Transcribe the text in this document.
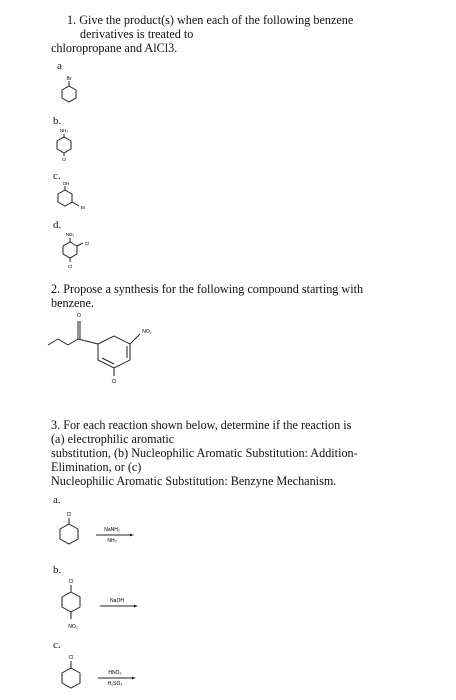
1. Give the product(s) when each of the following benzene
derivatives is treated to
chloropropane and AlCl3.
a
Br
b.
NH₂
Cl
c.
OH
Br
d.
NO₂
Cl
Cl
2. Propose a synthesis for the following compound starting with
benzene.
O
NO₂
Cl
3. For each reaction shown below, determine if the reaction is
(a) electrophilic aromatic
substitution, (b) Nucleophilic Aromatic Substitution: Addition-
Elimination, or (c)
Nucleophilic Aromatic Substitution: Benzyne Mechanism.
a.
Cl
NaNH₂
NH₃
b.
Cl
NO₂
NaOH
c.
Cl
HNO₃
H₂SO₄
